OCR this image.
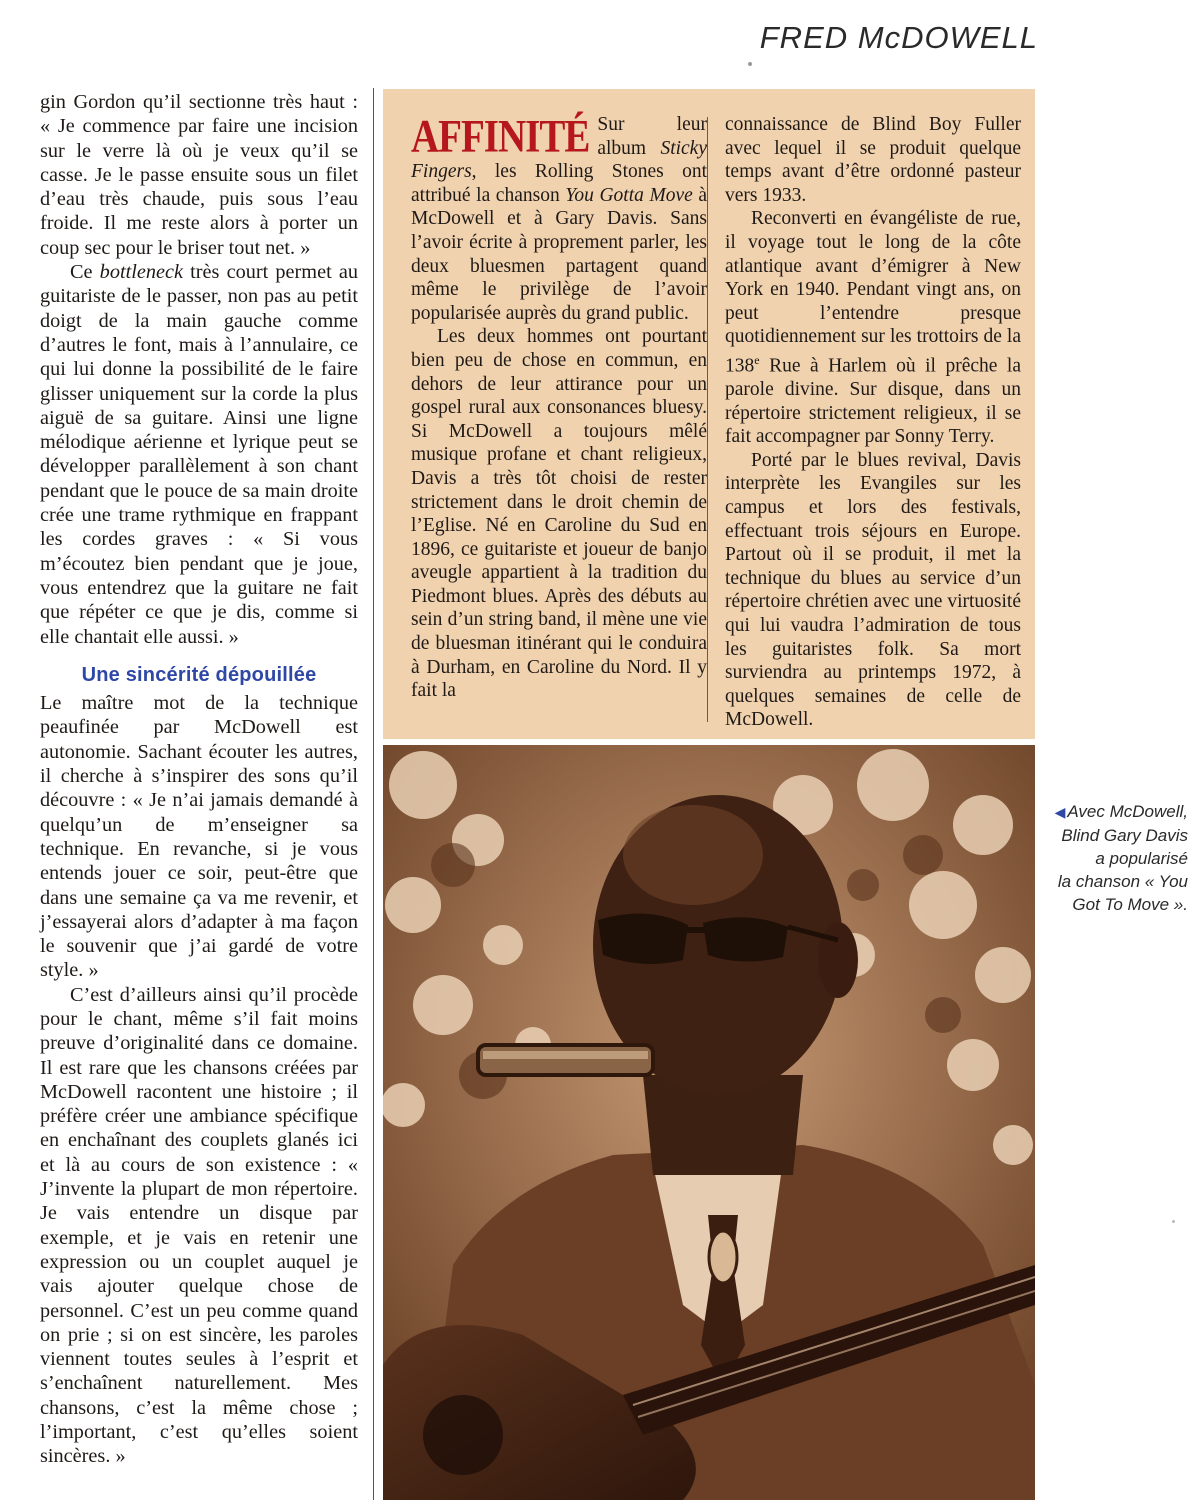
FRED McDOWELL

gin Gordon qu’il sectionne très haut : « Je commence par faire une incision sur le verre là où je veux qu’il se casse. Je le passe ensuite sous un filet d’eau très chaude, puis sous l’eau froide. Il me reste alors à porter un coup sec pour le briser tout net. »

Ce bottleneck très court permet au guitariste de le passer, non pas au petit doigt de la main gauche comme d’autres le font, mais à l’annulaire, ce qui lui donne la possibilité de le faire glisser uniquement sur la corde la plus aiguë de sa guitare. Ainsi une ligne mélodique aérienne et lyrique peut se développer parallèlement à son chant pendant que le pouce de sa main droite crée une trame rythmique en frappant les cordes graves : « Si vous m’écoutez bien pendant que je joue, vous entendrez que la guitare ne fait que répéter ce que je dis, comme si elle chantait elle aussi. »

Une sincérité dépouillée

Le maître mot de la technique peaufinée par McDowell est autonomie. Sachant écouter les autres, il cherche à s’inspirer des sons qu’il découvre : « Je n’ai jamais demandé à quelqu’un de m’enseigner sa technique. En revanche, si je vous entends jouer ce soir, peut-être que dans une semaine ça va me revenir, et j’essayerai alors d’adapter à ma façon le souvenir que j’ai gardé de votre style. »

C’est d’ailleurs ainsi qu’il procède pour le chant, même s’il fait moins preuve d’originalité dans ce domaine. Il est rare que les chansons créées par McDowell racontent une histoire ; il préfère créer une ambiance spécifique en enchaînant des couplets glanés ici et là au cours de son existence : « J’invente la plupart de mon répertoire. Je vais entendre un disque par exemple, et je vais en retenir une expression ou un couplet auquel je vais ajouter quelque chose de personnel. C’est un peu comme quand on prie ; si on est sincère, les paroles viennent toutes seules à l’esprit et s’enchaînent naturellement. Mes chansons, c’est la même chose ; l’important, c’est qu’elles soient sincères. »

AFFINITÉ Sur leur album Sticky Fingers, les Rolling Stones ont attribué la chanson You Gotta Move à McDowell et à Gary Davis. Sans l’avoir écrite à proprement parler, les deux bluesmen partagent quand même le privilège de l’avoir popularisée auprès du grand public.

Les deux hommes ont pourtant bien peu de chose en commun, en dehors de leur attirance pour un gospel rural aux consonances bluesy. Si McDowell a toujours mêlé musique profane et chant religieux, Davis a très tôt choisi de rester strictement dans le droit chemin de l’Eglise. Né en Caroline du Sud en 1896, ce guitariste et joueur de banjo aveugle appartient à la tradition du Piedmont blues. Après des débuts au sein d’un string band, il mène une vie de bluesman itinérant qui le conduira à Durham, en Caroline du Nord. Il y fait la

connaissance de Blind Boy Fuller avec lequel il se produit quelque temps avant d’être ordonné pasteur vers 1933.

Reconverti en évangéliste de rue, il voyage tout le long de la côte atlantique avant d’émigrer à New York en 1940. Pendant vingt ans, on peut l’entendre presque quotidiennement sur les trottoirs de la 138e Rue à Harlem où il prêche la parole divine. Sur disque, dans un répertoire strictement religieux, il se fait accompagner par Sonny Terry.

Porté par le blues revival, Davis interprète les Evangiles sur les campus et lors des festivals, effectuant trois séjours en Europe. Partout où il se produit, il met la technique du blues au service d’un répertoire chrétien avec une virtuosité qui lui vaudra l’admiration de tous les guitaristes folk. Sa mort surviendra au printemps 1972, à quelques semaines de celle de McDowell.

◀ Avec McDowell,
Blind Gary Davis
a popularisé
la chanson « You
Got To Move ».
